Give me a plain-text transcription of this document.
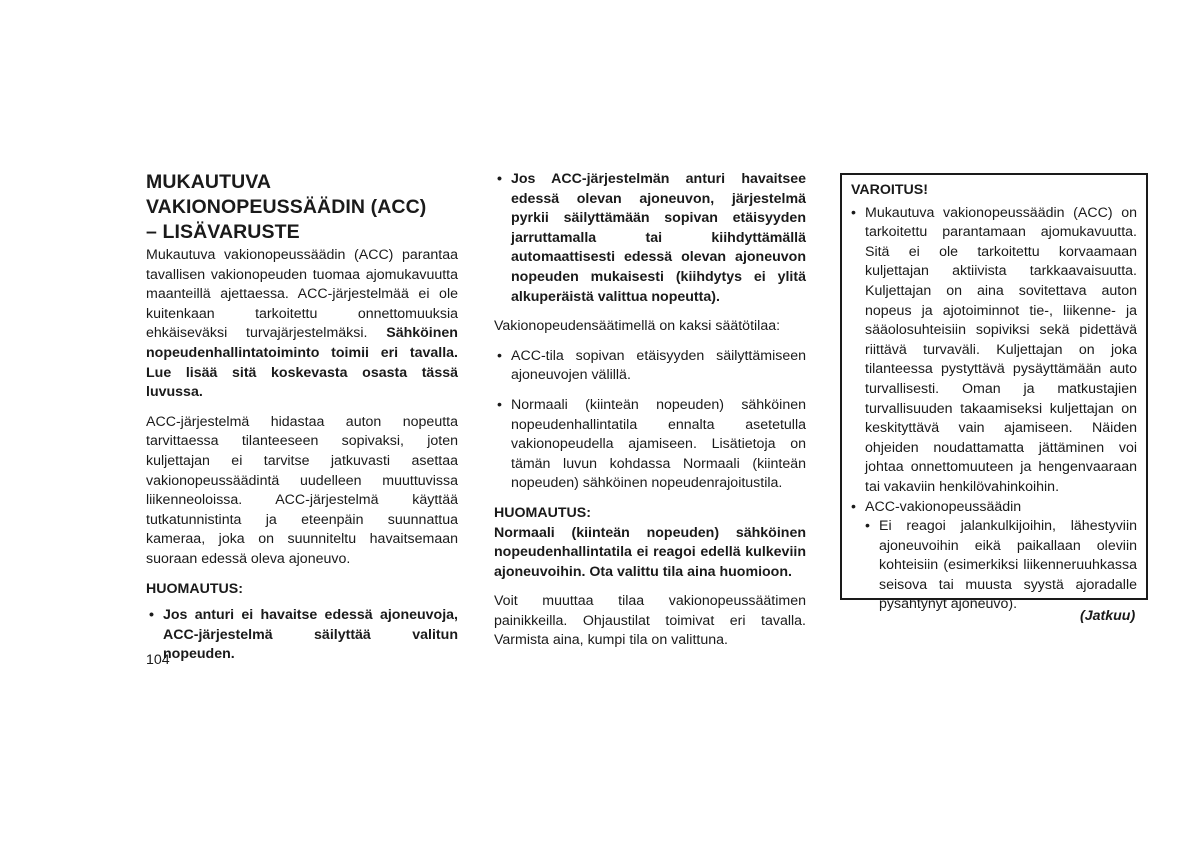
MUKAUTUVA
VAKIONOPEUSSÄÄDIN (ACC)
– LISÄVARUSTE

Mukautuva vakionopeussäädin (ACC) parantaa tavallisen vakionopeuden tuomaa ajomukavuutta maanteillä ajettaessa. ACC-järjestelmää ei ole kuitenkaan tarkoitettu onnettomuuksia ehkäiseväksi turvajärjestelmäksi. Sähköinen nopeudenhallintatoiminto toimii eri tavalla. Lue lisää sitä koskevasta osasta tässä luvussa.

ACC-järjestelmä hidastaa auton nopeutta tarvittaessa tilanteeseen sopivaksi, joten kuljettajan ei tarvitse jatkuvasti asettaa vakionopeussäädintä uudelleen muuttuvissa liikenneoloissa. ACC-järjestelmä käyttää tutkatunnistinta ja eteenpäin suunnattua kameraa, joka on suunniteltu havaitsemaan suoraan edessä oleva ajoneuvo.

HUOMAUTUS:
• Jos anturi ei havaitse edessä ajoneuvoja, ACC-järjestelmä säilyttää valitun nopeuden.
• Jos ACC-järjestelmän anturi havaitsee edessä olevan ajoneuvon, järjestelmä pyrkii säilyttämään sopivan etäisyyden jarruttamalla tai kiihdyttämällä automaattisesti edessä olevan ajoneuvon nopeuden mukaisesti (kiihdytys ei ylitä alkuperäistä valittua nopeutta).

Vakionopeudensäätimellä on kaksi säätötilaa:

• ACC-tila sopivan etäisyyden säilyttämiseen ajoneuvojen välillä.
• Normaali (kiinteän nopeuden) sähköinen nopeudenhallintatila ennalta asetetulla vakionopeudella ajamiseen. Lisätietoja on tämän luvun kohdassa Normaali (kiinteän nopeuden) sähköinen nopeudenrajoitustila.
HUOMAUTUS:

Normaali (kiinteän nopeuden) sähköinen nopeudenhallintatila ei reagoi edellä kulkeviin ajoneuvoihin. Ota valittu tila aina huomioon.

Voit muuttaa tilaa vakionopeussäätimen painikkeilla. Ohjaustilat toimivat eri tavalla. Varmista aina, kumpi tila on valittuna.

VAROITUS!
• Mukautuva vakionopeussäädin (ACC) on tarkoitettu parantamaan ajomukavuutta. Sitä ei ole tarkoitettu korvaamaan kuljettajan aktiivista tarkkaavaisuutta. Kuljettajan on aina sovitettava auton nopeus ja ajotoiminnot tie-, liikenne- ja sääolosuhteisiin sopiviksi sekä pidettävä riittävä turvaväli. Kuljettajan on joka tilanteessa pystyttävä pysäyttämään auto turvallisesti. Oman ja matkustajien turvallisuuden takaamiseksi kuljettajan on keskityttävä vain ajamiseen. Näiden ohjeiden noudattamatta jättäminen voi johtaa onnettomuuteen ja hengenvaaraan tai vakaviin henkilövahinkoihin.
• ACC-vakionopeussäädin
• Ei reagoi jalankulkijoihin, lähestyviin ajoneuvoihin eikä paikallaan oleviin kohteisiin (esimerkiksi liikenneruuhkassa seisova tai muusta syystä ajoradalle pysähtynyt ajoneuvo).
(Jatkuu)
104
